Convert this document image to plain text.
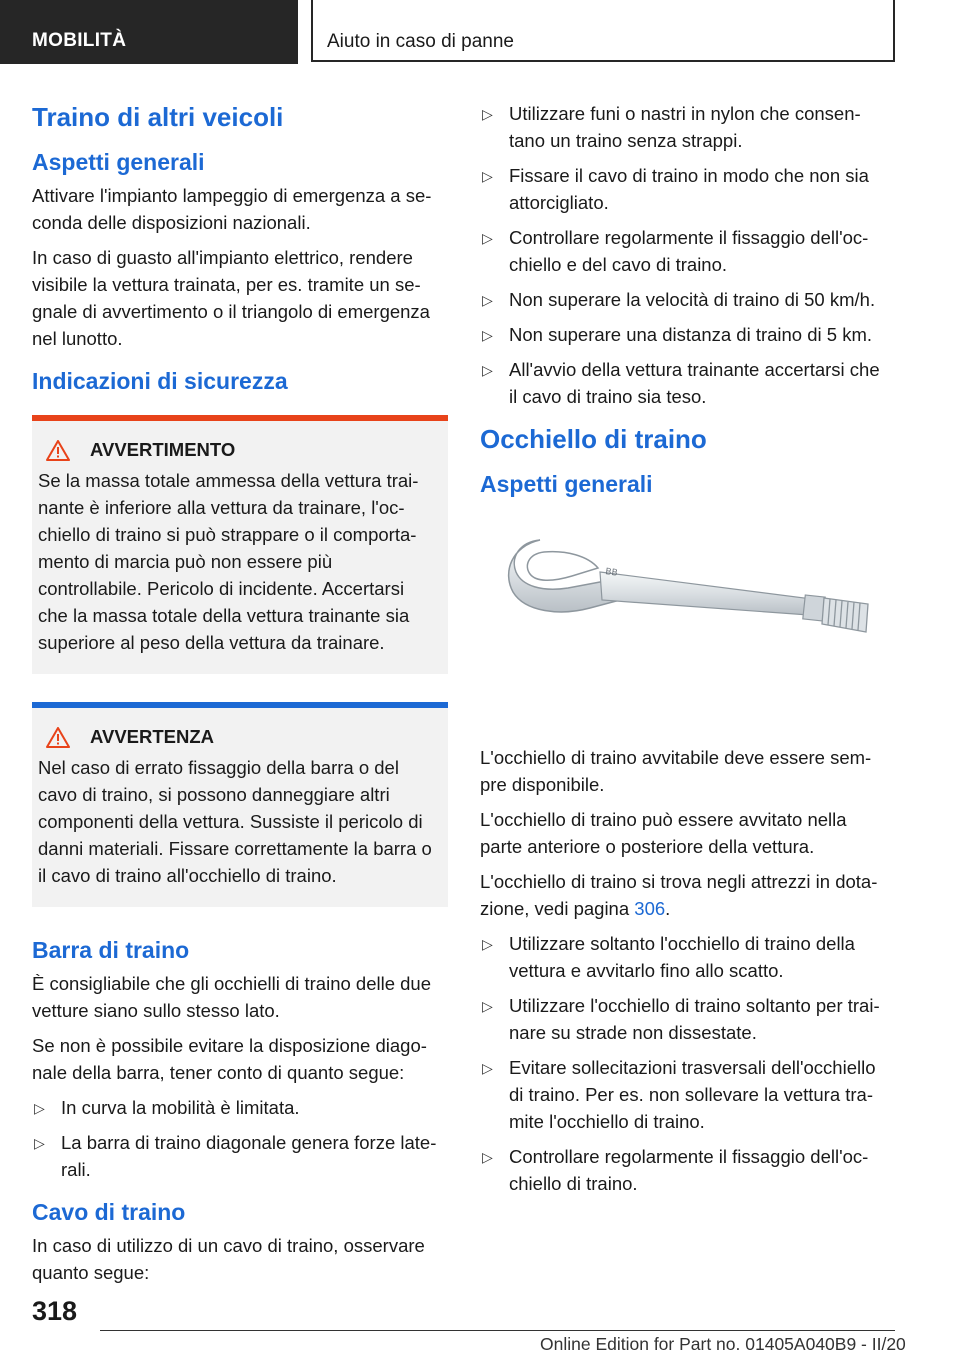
MOBILITÀ	Aiuto in caso di panne
Traino di altri veicoli
Aspetti generali

Attivare l'impianto lampeggio di emergenza a se-conda delle disposizioni nazionali.

In caso di guasto all'impianto elettrico, rendere visibile la vettura trainata, per es. tramite un se-gnale di avvertimento o il triangolo di emergenza nel lunotto.

Indicazioni di sicurezza
AVVERTIMENTO

Se la massa totale ammessa della vettura trai-nante è inferiore alla vettura da trainare, l'oc-chiello di traino si può strappare o il comporta-mento di marcia può non essere più controllabile. Pericolo di incidente. Accertarsi che la massa totale della vettura trainante sia superiore al peso della vettura da trainare.

AVVERTENZA

Nel caso di errato fissaggio della barra o del cavo di traino, si possono danneggiare altri componenti della vettura. Sussiste il pericolo di danni materiali. Fissare correttamente la barra o il cavo di traino all'occhiello di traino.

Barra di traino

È consigliabile che gli occhielli di traino delle due vetture siano sullo stesso lato.

Se non è possibile evitare la disposizione diago-nale della barra, tener conto di quanto segue:

▷ In curva la mobilità è limitata.
▷ La barra di traino diagonale genera forze late-rali.
Cavo di traino

In caso di utilizzo di un cavo di traino, osservare quanto segue:

▷ Utilizzare funi o nastri in nylon che consen-tano un traino senza strappi.
▷ Fissare il cavo di traino in modo che non sia attorcigliato.
▷ Controllare regolarmente il fissaggio dell'oc-chiello e del cavo di traino.
▷ Non superare la velocità di traino di 50 km/h.
▷ Non superare una distanza di traino di 5 km.
▷ All'avvio della vettura trainante accertarsi che il cavo di traino sia teso.
Occhiello di traino
Aspetti generali
BB

L'occhiello di traino avvitabile deve essere sem-pre disponibile.

L'occhiello di traino può essere avvitato nella parte anteriore o posteriore della vettura.

L'occhiello di traino si trova negli attrezzi in dota-zione, vedi pagina 306.

▷ Utilizzare soltanto l'occhiello di traino della vettura e avvitarlo fino allo scatto.
▷ Utilizzare l'occhiello di traino soltanto per trai-nare su strade non dissestate.
▷ Evitare sollecitazioni trasversali dell'occhiello di traino. Per es. non sollevare la vettura tra-mite l'occhiello di traino.
▷ Controllare regolarmente il fissaggio dell'oc-chiello di traino.
318
Online Edition for Part no. 01405A040B9 - II/20
